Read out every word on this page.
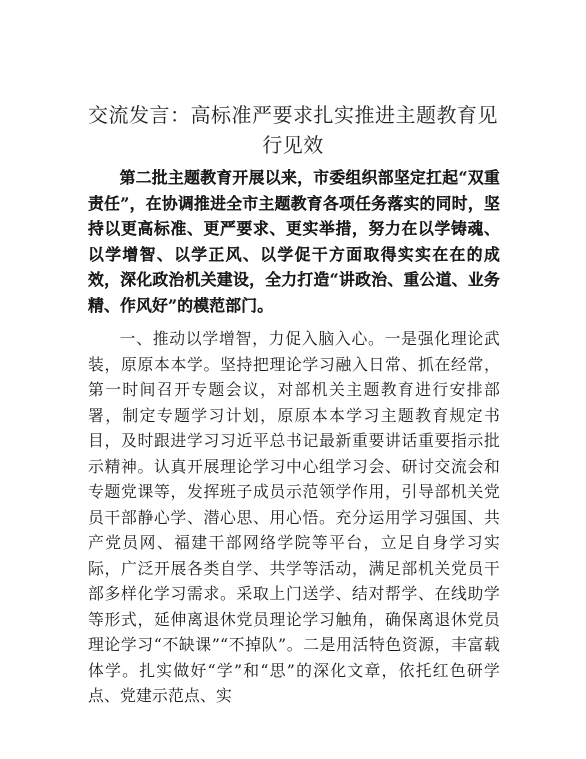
交流发言：高标准严要求扎实推进主题教育见行见效

第二批主题教育开展以来，市委组织部坚定扛起“双重责任”，在协调推进全市主题教育各项任务落实的同时，坚持以更高标准、更严要求、更实举措，努力在以学铸魂、以学增智、以学正风、以学促干方面取得实实在在的成效，深化政治机关建设，全力打造“讲政治、重公道、业务精、作风好”的模范部门。

一、推动以学增智，力促入脑入心。一是强化理论武装，原原本本学。坚持把理论学习融入日常、抓在经常，第一时间召开专题会议，对部机关主题教育进行安排部署，制定专题学习计划，原原本本学习主题教育规定书目，及时跟进学习习近平总书记最新重要讲话重要指示批示精神。认真开展理论学习中心组学习会、研讨交流会和专题党课等，发挥班子成员示范领学作用，引导部机关党员干部静心学、潜心思、用心悟。充分运用学习强国、共产党员网、福建干部网络学院等平台，立足自身学习实际，广泛开展各类自学、共学等活动，满足部机关党员干部多样化学习需求。采取上门送学、结对帮学、在线助学等形式，延伸离退休党员理论学习触角，确保离退休党员理论学习“不缺课”“不掉队”。二是用活特色资源，丰富载体学。扎实做好“学”和“思”的深化文章，依托红色研学点、党建示范点、实
